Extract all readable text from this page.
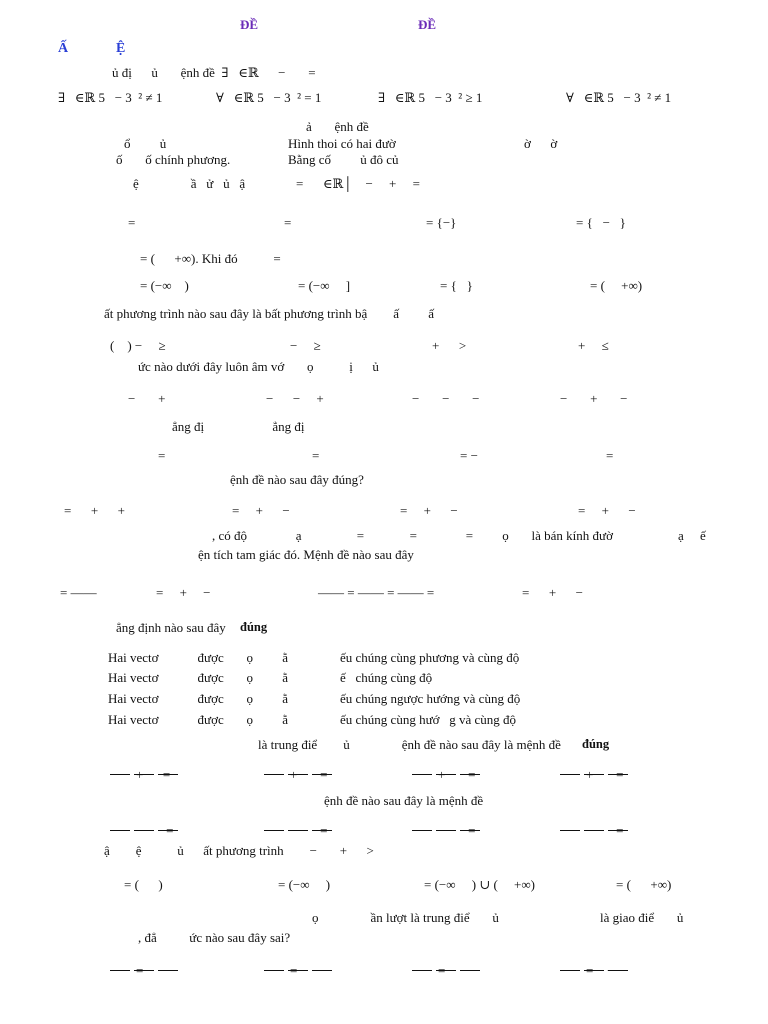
ĐỀ	ĐỀ
Ấ	Ệ
ủ đị      ủ       ệnh đề  ∃   ∈ℝ      −       =
∃   ∈ℝ 5   − 3  ² ≠ 1	∀   ∈ℝ 5   − 3  ² = 1	∃   ∈ℝ 5   − 3  ² ≥ 1	∀   ∈ℝ 5   − 3  ² ≠ 1
ả       ệnh đề
ổ         ủ	Hình thoi có hai đườ	ờ      ờ
ố       ố chính phương.	Bằng cố         ủ đô củ
ệ                ầ   ử   ủ   ậ	=      ∈ℝ│    −     +     =
=	=	= {−}	= {   −   }
= (      +∞). Khi đó           =
= (−∞    )	= (−∞     ]	= {   }	= (     +∞)
ất phương trình nào sau đây là bất phương trình bậ        ấ         ấ
(    ) −     ≥	−     ≥	+      >	+     ≤
ức nào dưới đây luôn âm vớ       ọ           ị      ủ
−       +	−      −     +	−       −       −	−       +       −
ẳng đị                     ẳng đị
=	=	= −	=
ệnh đề nào sau đây đúng?
=      +      +	=     +      −	=     +      −	=     +      −
, có độ               ạ                 =              =               =         ọ       là bán kính đườ                    ạ     ế
ện tích tam giác đó. Mệnh đề nào sau đây
= ——	=     +     −	—— = —— = —— =	=      +      −
ẳng định nào sau đây
Hai vectơ            được       ọ         ằ                ếu chúng cùng phương và cùng độ
Hai vectơ            được       ọ         ằ                ế   chúng cùng độ
Hai vectơ            được       ọ         ằ                ếu chúng ngược hướng và cùng độ
Hai vectơ            được       ọ         ằ                ếu chúng cùng hướ   g và cùng độ
là trung điể        ủ                ệnh đề nào sau đây là mệnh đề
ệnh đề nào sau đây là mệnh đề
ậ        ệ           ủ      ất phương trình        −       +      >
= (      )	= (−∞     )	= (−∞     ) ∪ (     +∞)	= (      +∞)
ọ                ần lượt là trung điể       ủ	là giao điể       ủ
, đẳ          ức nào sau đây sai?
đúng
đúng
+      =	+       =	+       =	+       =
−       =	−       =	−       =	−       =
=	= −	= −	= − −
